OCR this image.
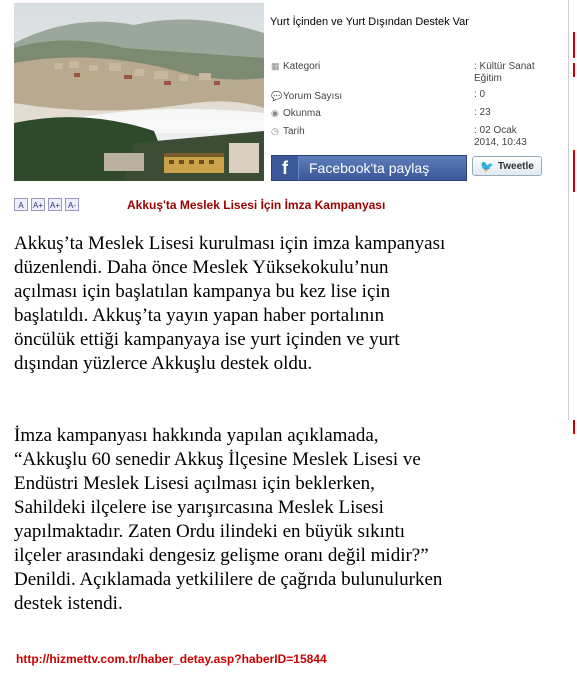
Yurt İçinden ve Yurt Dışından Destek Var
▦ Kategori	: Kültür Sanat
Eğitim
💬Yorum Sayısı	: 0
◉ Okunma	: 23
◷ Tarih	: 02 Ocak
2014, 10:43
f	Facebook'ta paylaş	🐦 Tweetle
A	A+ A+	A-	Akkuş'ta Meslek Lisesi İçin İmza Kampanyası
Akkuş’ta Meslek Lisesi kurulması için imza kampanyası
düzenlendi. Daha önce Meslek Yüksekokulu’nun
açılması için başlatılan kampanya bu kez lise için
başlatıldı. Akkuş’ta yayın yapan haber portalının
öncülük ettiği kampanyaya ise yurt içinden ve yurt
dışından yüzlerce Akkuşlu destek oldu.
İmza kampanyası hakkında yapılan açıklamada,
“Akkuşlu 60 senedir Akkuş İlçesine Meslek Lisesi ve
Endüstri Meslek Lisesi açılması için beklerken,
Sahildeki ilçelere ise yarışırcasına Meslek Lisesi
yapılmaktadır. Zaten Ordu ilindeki en büyük sıkıntı
ilçeler arasındaki dengesiz gelişme oranı değil midir?”
Denildi. Açıklamada yetkililere de çağrıda bulunulurken
destek istendi.
http://hizmettv.com.tr/haber_detay.asp?haberID=15844
